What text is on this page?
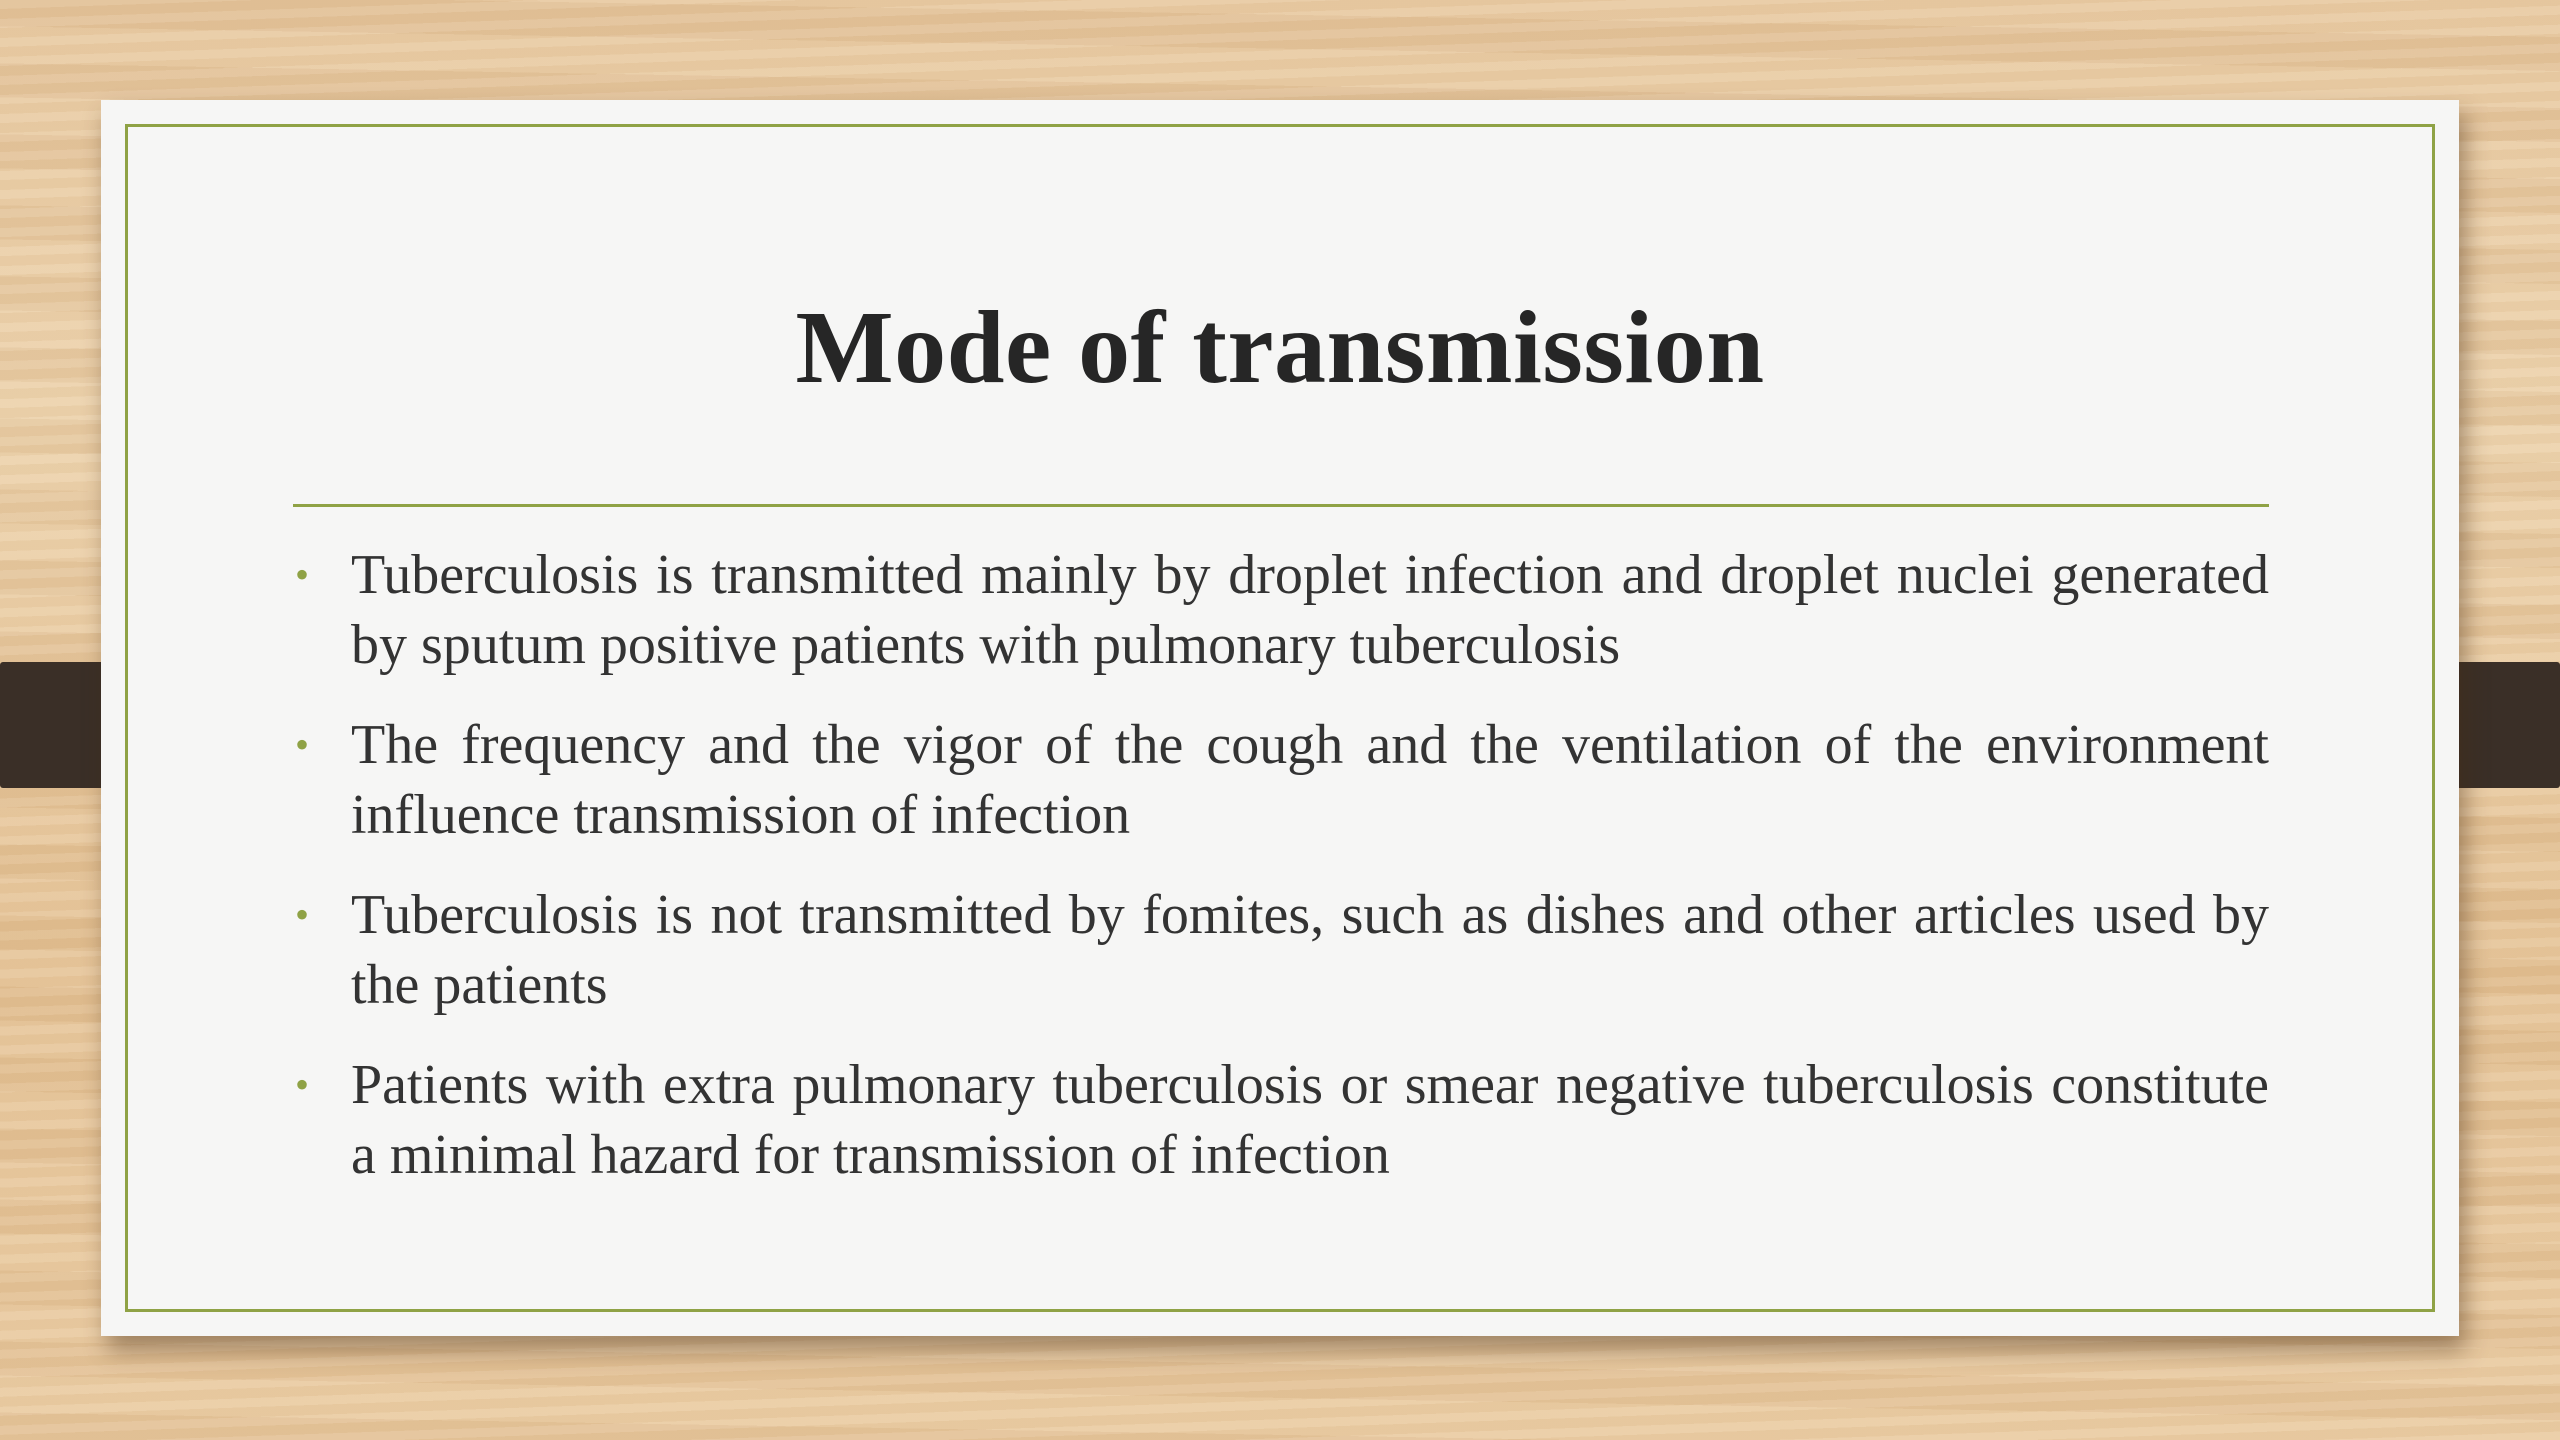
Mode of transmission
• Tuberculosis is transmitted mainly by droplet infection and droplet nuclei generated by sputum positive patients with pulmonary tuberculosis
• The frequency and the vigor of the cough and the ventilation of the environment influence transmission of infection
• Tuberculosis is not transmitted by fomites, such as dishes and other articles used by the patients
• Patients with extra pulmonary tuberculosis or smear negative tuberculosis constitute a minimal hazard for transmission of infection
